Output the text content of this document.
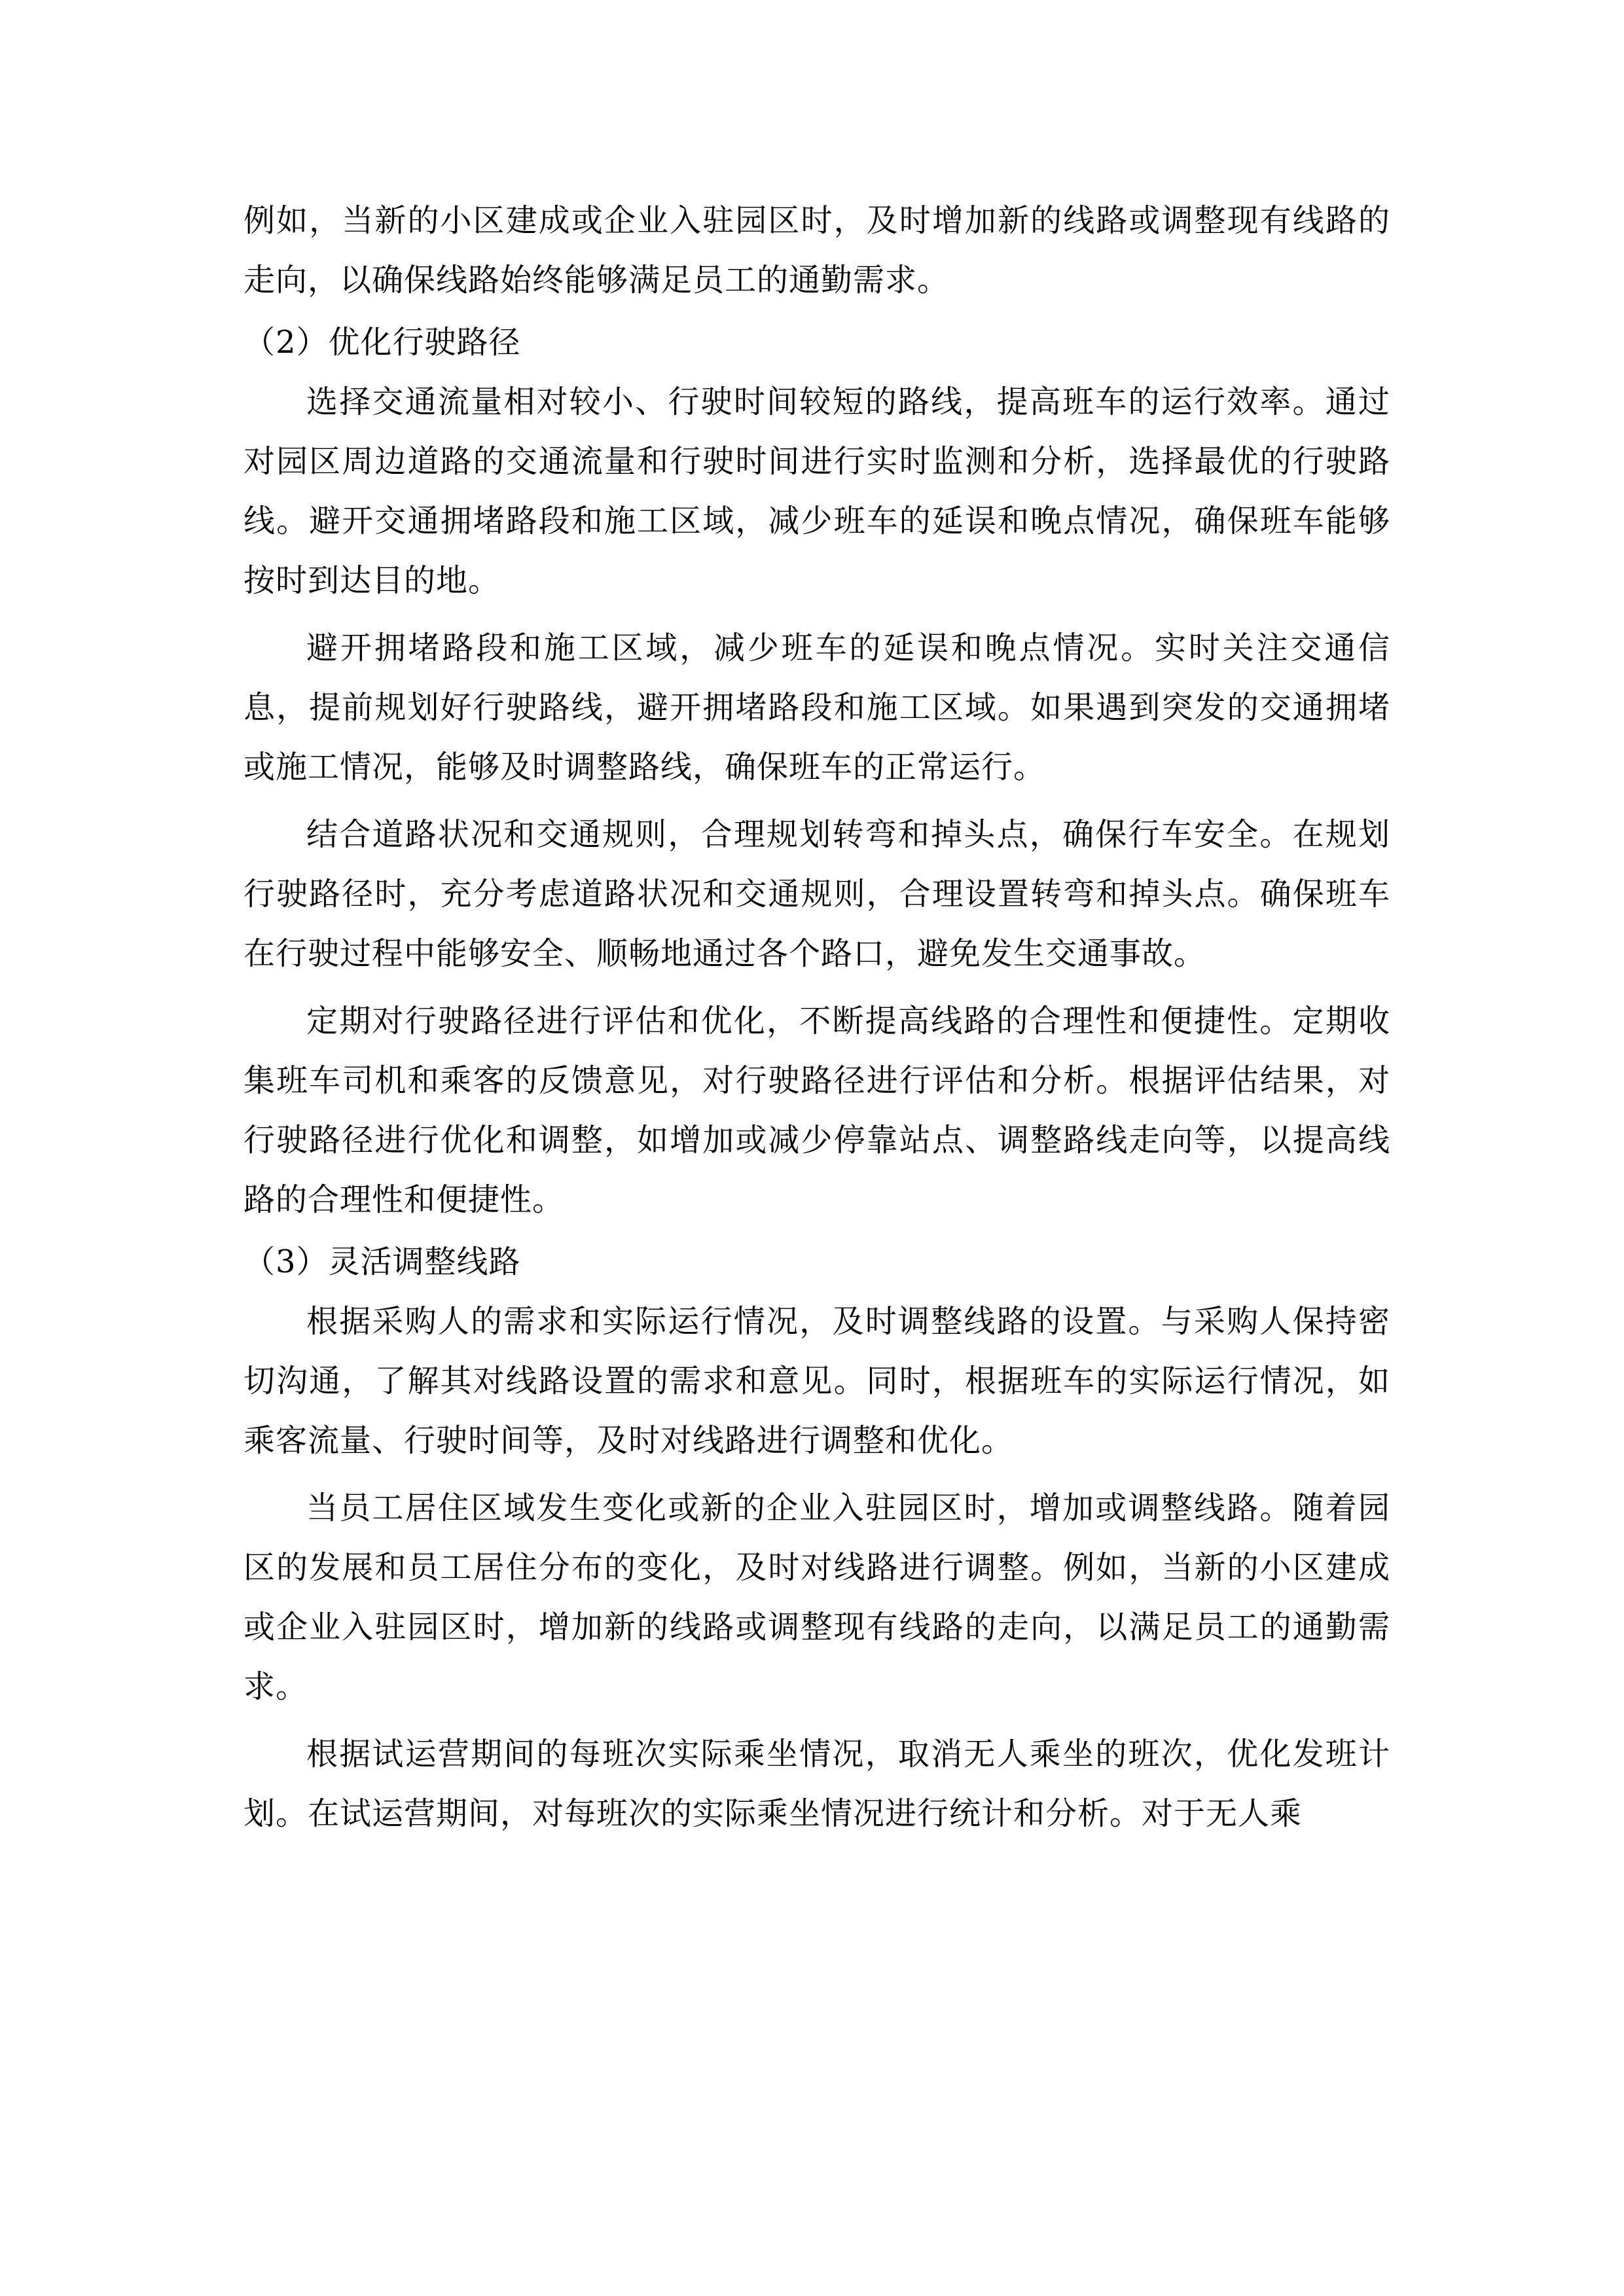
例如，当新的小区建成或企业入驻园区时，及时增加新的线路或调整现有线路的走向，以确保线路始终能够满足员工的通勤需求。

（2）优化行驶路径

选择交通流量相对较小、行驶时间较短的路线，提高班车的运行效率。通过对园区周边道路的交通流量和行驶时间进行实时监测和分析，选择最优的行驶路线。避开交通拥堵路段和施工区域，减少班车的延误和晚点情况，确保班车能够按时到达目的地。

避开拥堵路段和施工区域，减少班车的延误和晚点情况。实时关注交通信息，提前规划好行驶路线，避开拥堵路段和施工区域。如果遇到突发的交通拥堵或施工情况，能够及时调整路线，确保班车的正常运行。

结合道路状况和交通规则，合理规划转弯和掉头点，确保行车安全。在规划行驶路径时，充分考虑道路状况和交通规则，合理设置转弯和掉头点。确保班车在行驶过程中能够安全、顺畅地通过各个路口，避免发生交通事故。

定期对行驶路径进行评估和优化，不断提高线路的合理性和便捷性。定期收集班车司机和乘客的反馈意见，对行驶路径进行评估和分析。根据评估结果，对行驶路径进行优化和调整，如增加或减少停靠站点、调整路线走向等，以提高线路的合理性和便捷性。

（3）灵活调整线路

根据采购人的需求和实际运行情况，及时调整线路的设置。与采购人保持密切沟通，了解其对线路设置的需求和意见。同时，根据班车的实际运行情况，如乘客流量、行驶时间等，及时对线路进行调整和优化。

当员工居住区域发生变化或新的企业入驻园区时，增加或调整线路。随着园区的发展和员工居住分布的变化，及时对线路进行调整。例如，当新的小区建成或企业入驻园区时，增加新的线路或调整现有线路的走向，以满足员工的通勤需求。

根据试运营期间的每班次实际乘坐情况，取消无人乘坐的班次，优化发班计划。在试运营期间，对每班次的实际乘坐情况进行统计和分析。对于无人乘
